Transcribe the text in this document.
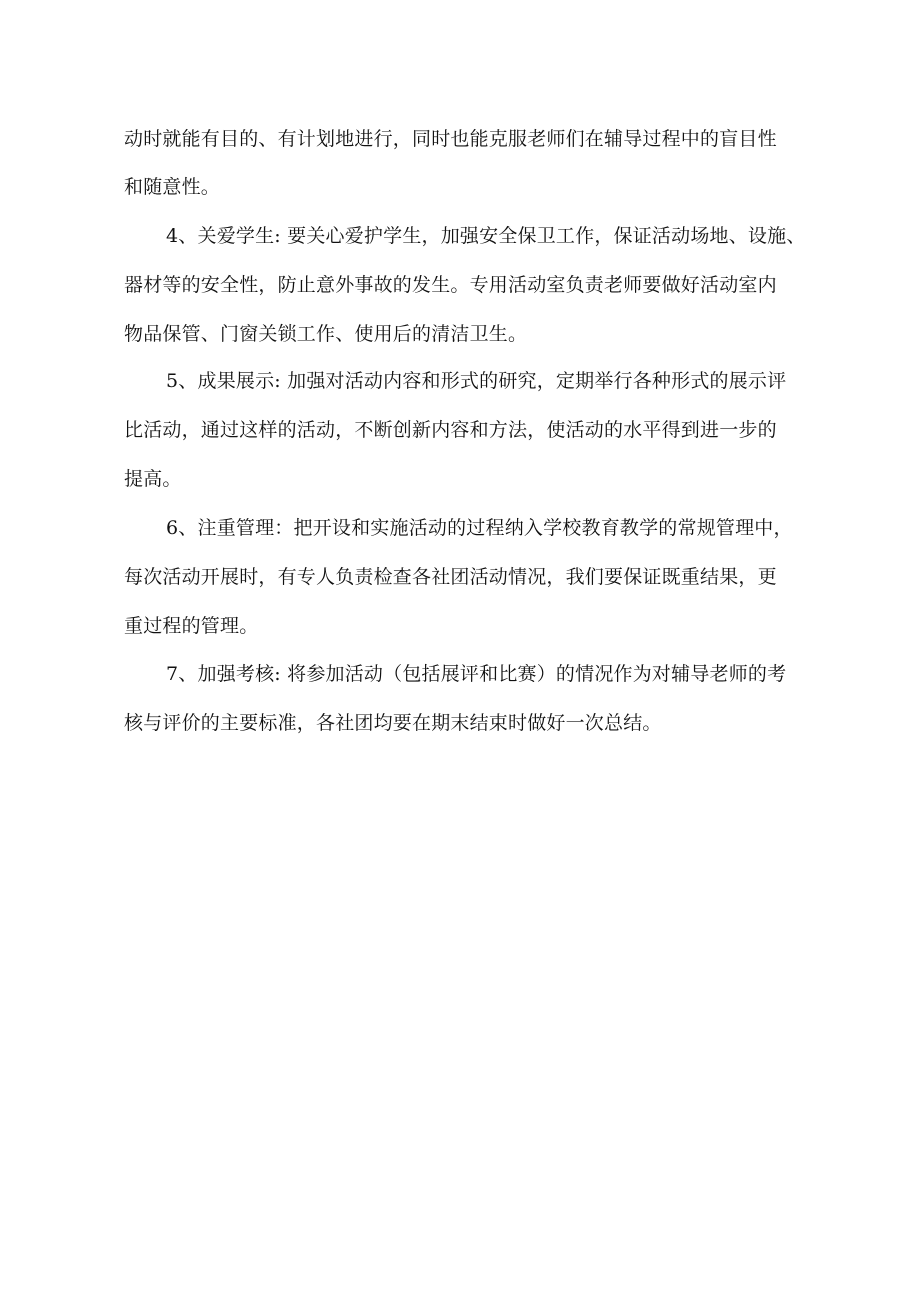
动时就能有目的、有计划地进行，同时也能克服老师们在辅导过程中的盲目性
和随意性。
4、关爱学生: 要关心爱护学生，加强安全保卫工作，保证活动场地、设施、
器材等的安全性，防止意外事故的发生。专用活动室负责老师要做好活动室内
物品保管、门窗关锁工作、使用后的清洁卫生。
5、成果展示: 加强对活动内容和形式的研究，定期举行各种形式的展示评
比活动，通过这样的活动，不断创新内容和方法，使活动的水平得到进一步的
提高。
6、注重管理：把开设和实施活动的过程纳入学校教育教学的常规管理中，
每次活动开展时，有专人负责检查各社团活动情况，我们要保证既重结果，更
重过程的管理。
7、加强考核: 将参加活动（包括展评和比赛）的情况作为对辅导老师的考
核与评价的主要标准，各社团均要在期末结束时做好一次总结。
